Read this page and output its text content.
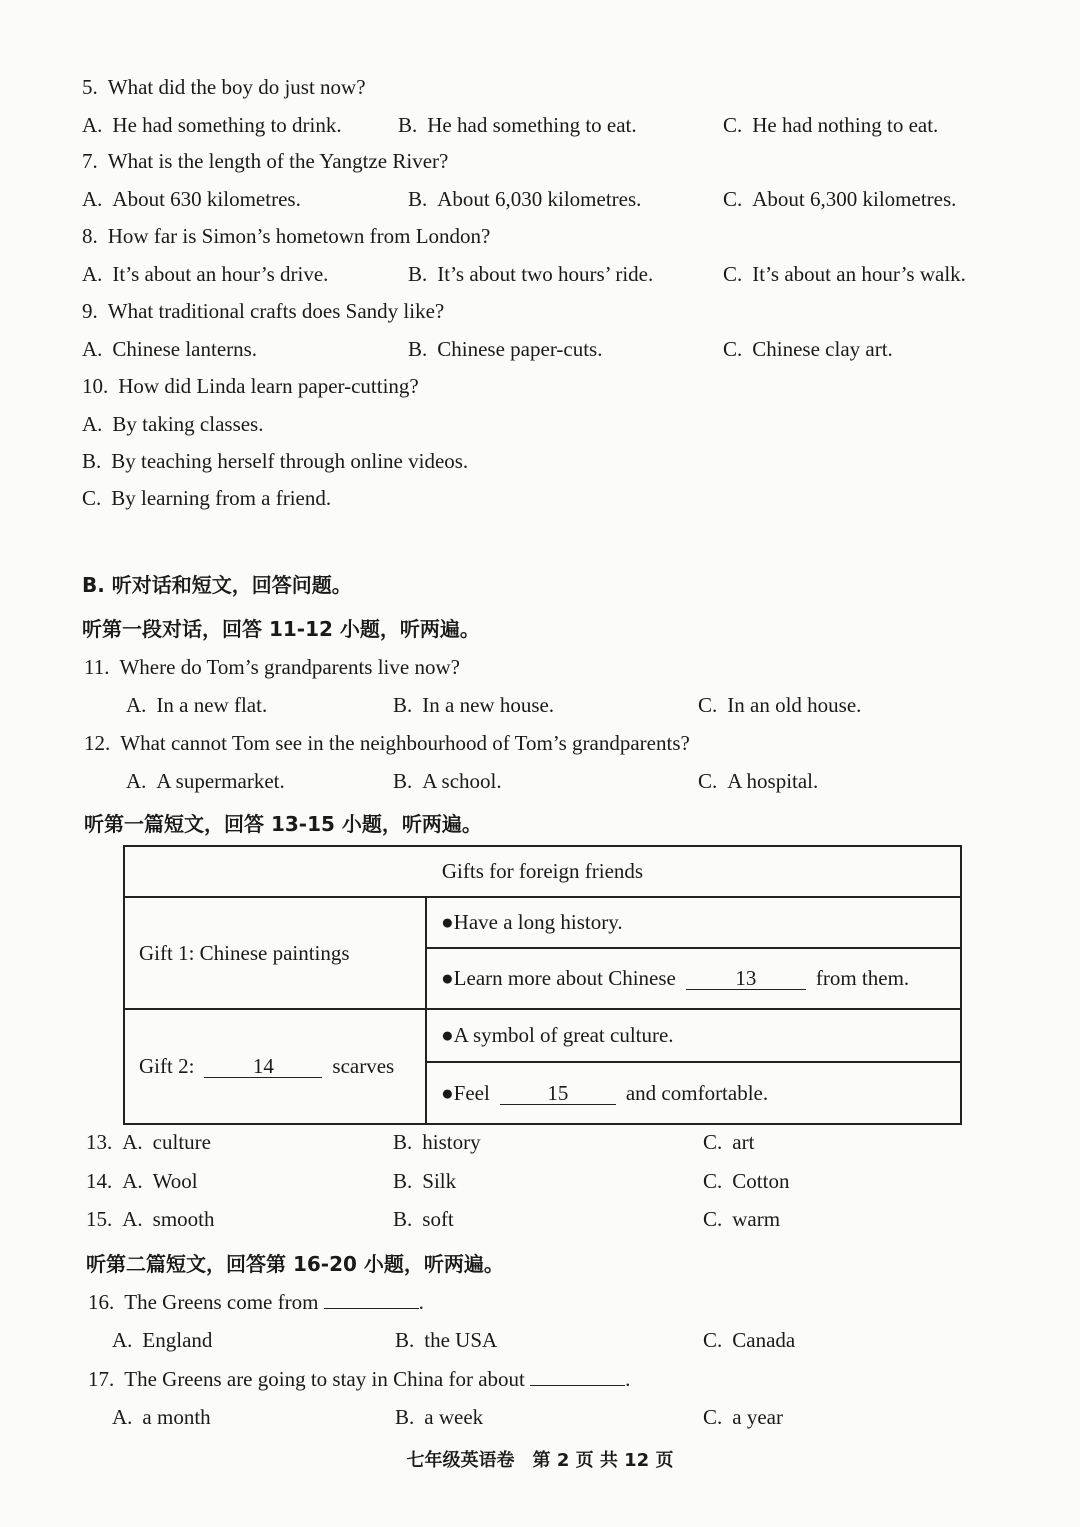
5. What did the boy do just now?
A. He had something to drink.	B. He had something to eat.	C. He had nothing to eat.
7. What is the length of the Yangtze River?
A. About 630 kilometres.	B. About 6,030 kilometres.	C. About 6,300 kilometres.
8. How far is Simon’s hometown from London?
A. It’s about an hour’s drive.	B. It’s about two hours’ ride.	C. It’s about an hour’s walk.
9. What traditional crafts does Sandy like?
A. Chinese lanterns.	B. Chinese paper-cuts.	C. Chinese clay art.
10. How did Linda learn paper-cutting?
A. By taking classes.
B. By teaching herself through online videos.
C. By learning from a friend.
B. 听对话和短文，回答问题。
听第一段对话，回答 11-12 小题，听两遍。
11. Where do Tom’s grandparents live now?
A. In a new flat.	B. In a new house.	C. In an old house.
12. What cannot Tom see in the neighbourhood of Tom’s grandparents?
A. A supermarket.	B. A school.	C. A hospital.
听第一篇短文，回答 13-15 小题，听两遍。
Gifts for foreign friends	
Gift 1: Chinese paintings	●Have a long history.
	●Learn more about Chinese 13 from them.
Gift 2: 14 scarves	●A symbol of great culture.
	●Feel 15 and comfortable.
13. A. culture	B. history	C. art
14. A. Wool	B. Silk	C. Cotton
15. A. smooth	B. soft	C. warm
听第二篇短文，回答第 16-20 小题，听两遍。
16. The Greens come from	.
A. England	B. the USA	C. Canada
17. The Greens are going to stay in China for about	.
A. a month	B. a week	C. a year
七年级英语卷　第 2 页 共 12 页
